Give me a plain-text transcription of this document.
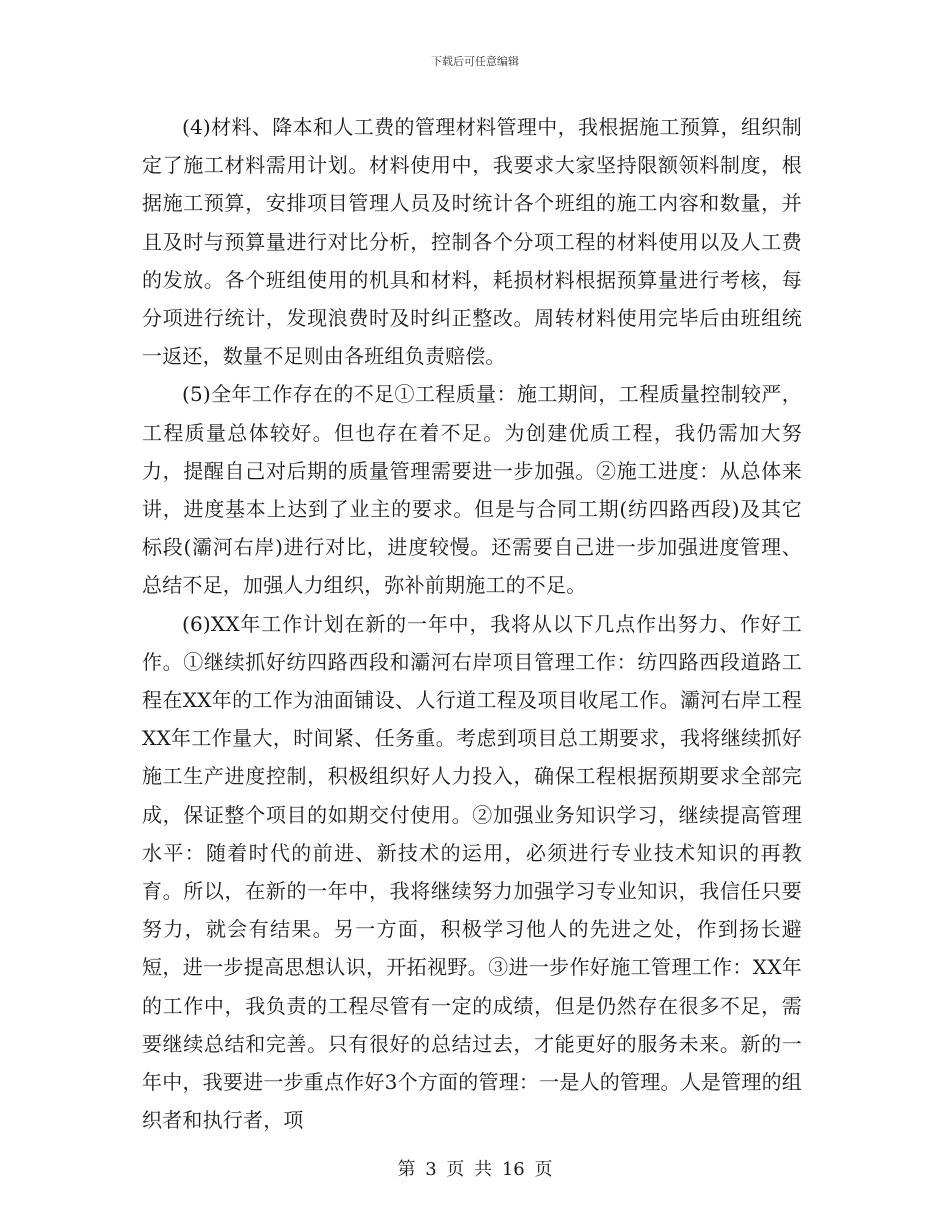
下载后可任意编辑

(4)材料、降本和人工费的管理材料管理中，我根据施工预算，组织制定了施工材料需用计划。材料使用中，我要求大家坚持限额领料制度，根据施工预算，安排项目管理人员及时统计各个班组的施工内容和数量，并且及时与预算量进行对比分析，控制各个分项工程的材料使用以及人工费的发放。各个班组使用的机具和材料，耗损材料根据预算量进行考核，每分项进行统计，发现浪费时及时纠正整改。周转材料使用完毕后由班组统一返还，数量不足则由各班组负责赔偿。

(5)全年工作存在的不足①工程质量：施工期间，工程质量控制较严，工程质量总体较好。但也存在着不足。为创建优质工程，我仍需加大努力，提醒自己对后期的质量管理需要进一步加强。②施工进度：从总体来讲，进度基本上达到了业主的要求。但是与合同工期(纺四路西段)及其它标段(灞河右岸)进行对比，进度较慢。还需要自己进一步加强进度管理、总结不足，加强人力组织，弥补前期施工的不足。

(6)XX年工作计划在新的一年中，我将从以下几点作出努力、作好工作。①继续抓好纺四路西段和灞河右岸项目管理工作：纺四路西段道路工程在XX年的工作为油面铺设、人行道工程及项目收尾工作。灞河右岸工程XX年工作量大，时间紧、任务重。考虑到项目总工期要求，我将继续抓好施工生产进度控制，积极组织好人力投入，确保工程根据预期要求全部完成，保证整个项目的如期交付使用。②加强业务知识学习，继续提高管理水平：随着时代的前进、新技术的运用，必须进行专业技术知识的再教育。所以，在新的一年中，我将继续努力加强学习专业知识，我信任只要努力，就会有结果。另一方面，积极学习他人的先进之处，作到扬长避短，进一步提高思想认识，开拓视野。③进一步作好施工管理工作：XX年的工作中，我负责的工程尽管有一定的成绩，但是仍然存在很多不足，需要继续总结和完善。只有很好的总结过去，才能更好的服务未来。新的一年中，我要进一步重点作好3个方面的管理：一是人的管理。人是管理的组织者和执行者，项

第 3 页 共 16 页
